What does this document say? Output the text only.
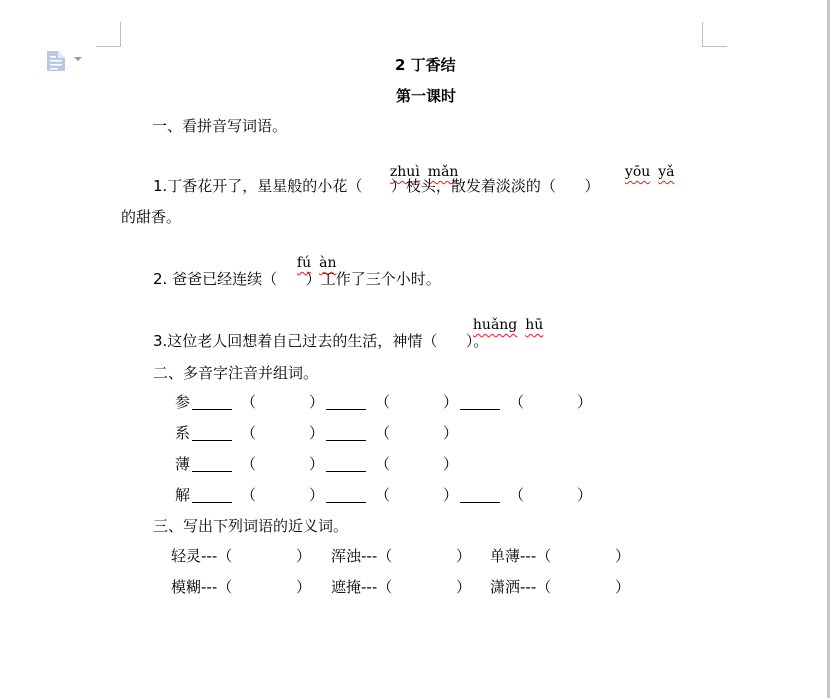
2 丁香结
第一课时
一、看拼音写词语。

zhuì mǎn	yōu yǎ

1.丁香花开了，星星般的小花（      ）枝头，散发着淡淡的（      ）
的甜香。

fú àn

2. 爸爸已经连续（      ）工作了三个小时。

huǎng hū

3.这位老人回想着自己过去的生活，神情（      ）。
二、多音字注音并组词。
参	（	）	（	）	（	）
系	（	）	（	）
薄	（	）	（	）
解	（	）	（	）	（	）
三、写出下列词语的近义词。
轻灵---（	） 浑浊---（	） 单薄---（	）
模糊---（	） 遮掩---（	） 潇洒---（	）
